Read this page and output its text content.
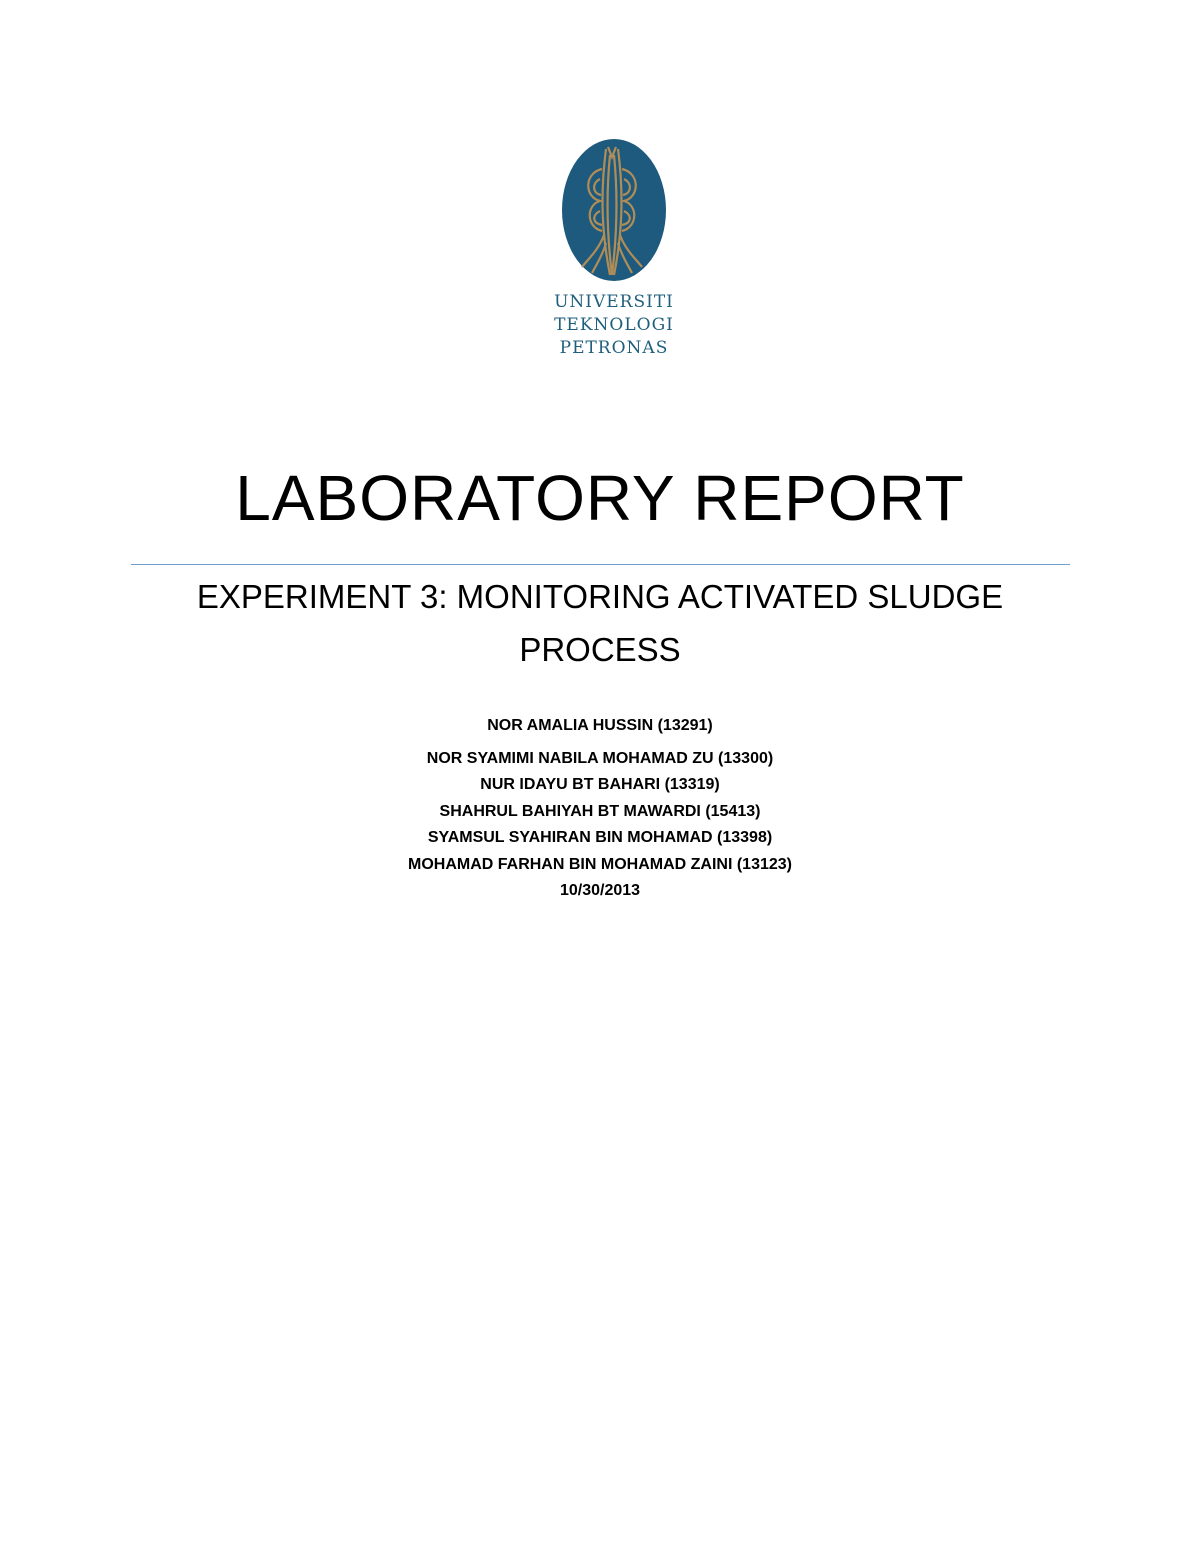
UNIVERSITI
TEKNOLOGI
PETRONAS
LABORATORY REPORT
EXPERIMENT 3: MONITORING ACTIVATED SLUDGE PROCESS
NOR AMALIA HUSSIN (13291)
NOR SYAMIMI NABILA MOHAMAD ZU (13300)
NUR IDAYU BT BAHARI (13319)
SHAHRUL BAHIYAH BT MAWARDI (15413)
SYAMSUL SYAHIRAN BIN MOHAMAD (13398)
MOHAMAD FARHAN BIN MOHAMAD ZAINI (13123)
10/30/2013
